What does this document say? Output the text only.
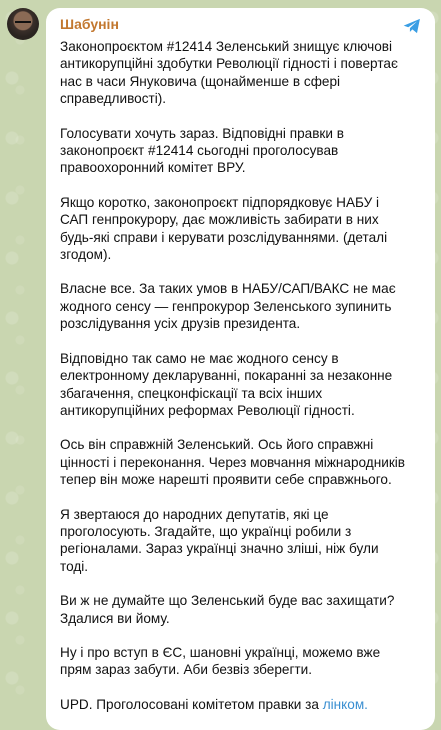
Шабунін
Законопроєктом #12414 Зеленський знищує ключові
антикорупційні здобутки Революції гідності і повертає
нас в часи Януковича (щонайменше в сфері
справедливості).
Голосувати хочуть зараз. Відповідні правки в
законопроєкт #12414 сьогодні проголосував
правоохоронний комітет ВРУ.
Якщо коротко, законопроєкт підпорядковує НАБУ і
САП генпрокурору, дає можливість забирати в них
будь-які справи і керувати розслідуваннями. (деталі
згодом).
Власне все. За таких умов в НАБУ/САП/ВАКС не має
жодного сенсу — генпрокурор Зеленського зупинить
розслідування усіх друзів президента.
Відповідно так само не має жодного сенсу в
електронному декларуванні, покаранні за незаконне
збагачення, спецконфіскації та всіх інших
антикорупційних реформах Революції гідності.
Ось він справжній Зеленський. Ось його справжні
цінності і переконання. Через мовчання міжнародників
тепер він може нарешті проявити себе справжнього.
Я звертаюся до народних депутатів, які це
проголосують. Згадайте, що українці робили з
регіоналами. Зараз українці значно зліші, ніж були
тоді.
Ви ж не думайте що Зеленський буде вас захищати?
Здалися ви йому.
Ну і про вступ в ЄС, шановні українці, можемо вже
прям зараз забути. Аби безвіз зберегти.
UPD. Проголосовані комітетом правки за лінком.
